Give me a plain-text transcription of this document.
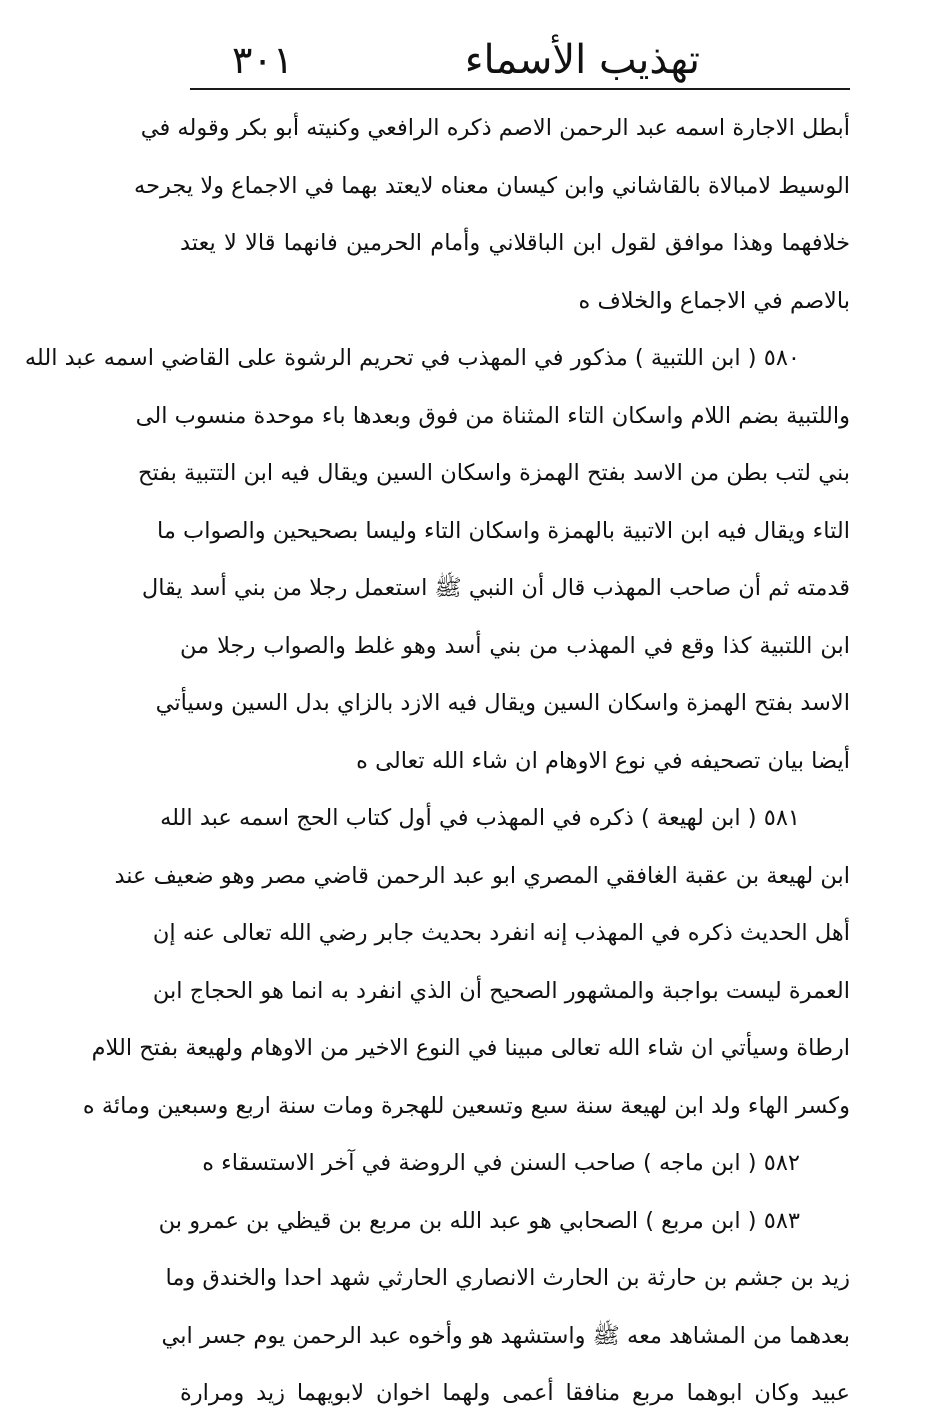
تهذيب الأسماء
٣٠١
أبطل الاجارة اسمه عبد الرحمن الاصم ذكره الرافعي وكنيته أبو بكر وقوله في
الوسيط لامبالاة بالقاشاني وابن كيسان معناه لايعتد بهما في الاجماع ولا يجرحه
خلافهما وهذا موافق لقول ابن الباقلاني وأمام الحرمين فانهما قالا لا يعتد
بالاصم في الاجماع والخلاف ه
٥٨٠ ( ابن اللتبية ) مذكور في المهذب في تحريم الرشوة على القاضي اسمه عبد الله
واللتبية بضم اللام واسكان التاء المثناة من فوق وبعدها باء موحدة منسوب الى
بني لتب بطن من الاسد بفتح الهمزة واسكان السين ويقال فيه ابن التتبية بفتح
التاء ويقال فيه ابن الاتبية بالهمزة واسكان التاء وليسا بصحيحين والصواب ما
قدمته ثم أن صاحب المهذب قال أن النبي ﷺ استعمل رجلا من بني أسد يقال
ابن اللتبية كذا وقع في المهذب من بني أسد وهو غلط والصواب رجلا من
الاسد بفتح الهمزة واسكان السين ويقال فيه الازد بالزاي بدل السين وسيأتي
أيضا بيان تصحيفه في نوع الاوهام ان شاء الله تعالى ه
٥٨١ ( ابن لهيعة ) ذكره في المهذب في أول كتاب الحج اسمه عبد الله
ابن لهيعة بن عقبة الغافقي المصري ابو عبد الرحمن قاضي مصر وهو ضعيف عند
أهل الحديث ذكره في المهذب إنه انفرد بحديث جابر رضي الله تعالى عنه إن
العمرة ليست بواجبة والمشهور الصحيح أن الذي انفرد به انما هو الحجاج ابن
ارطاة وسيأتي ان شاء الله تعالى مبينا في النوع الاخير من الاوهام ولهيعة بفتح اللام
وكسر الهاء ولد ابن لهيعة سنة سبع وتسعين للهجرة ومات سنة اربع وسبعين ومائة ه
٥٨٢ ( ابن ماجه ) صاحب السنن في الروضة في آخر الاستسقاء ه
٥٨٣ ( ابن مربع ) الصحابي هو عبد الله بن مربع بن قيظي بن عمرو بن
زيد بن جشم بن حارثة بن الحارث الانصاري الحارثي شهد احدا والخندق وما
بعدهما من المشاهد معه ﷺ واستشهد هو وأخوه عبد الرحمن يوم جسر ابي
عبيد وكان ابوهما مربع منافقا أعمى ولهما اخوان لابويهما زيد ومرارة
